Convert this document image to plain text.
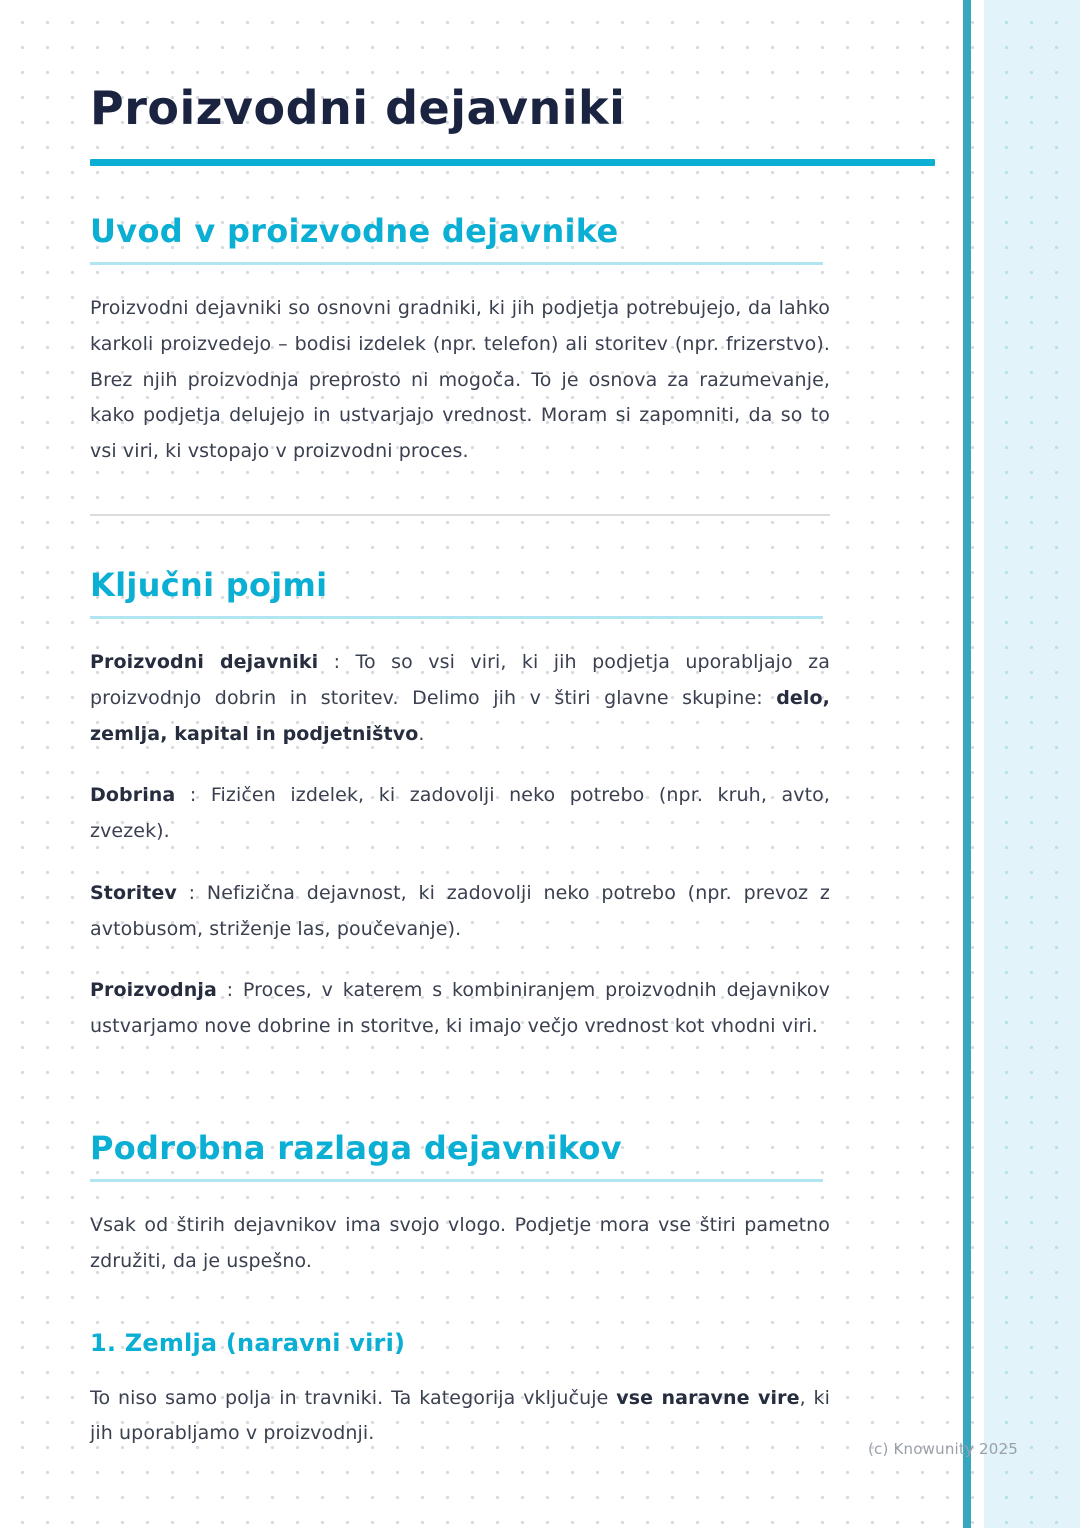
Proizvodni dejavniki
Uvod v proizvodne dejavnike

Proizvodni dejavniki so osnovni gradniki, ki jih podjetja potrebujejo, da lahko karkoli proizvedejo – bodisi izdelek (npr. telefon) ali storitev (npr. frizerstvo). Brez njih proizvodnja preprosto ni mogoča. To je osnova za razumevanje, kako podjetja delujejo in ustvarjajo vrednost. Moram si zapomniti, da so to vsi viri, ki vstopajo v proizvodni proces.

Ključni pojmi

Proizvodni dejavniki : To so vsi viri, ki jih podjetja uporabljajo za proizvodnjo dobrin in storitev. Delimo jih v štiri glavne skupine: delo, zemlja, kapital in podjetništvo.

Dobrina : Fizičen izdelek, ki zadovolji neko potrebo (npr. kruh, avto, zvezek).

Storitev : Nefizična dejavnost, ki zadovolji neko potrebo (npr. prevoz z avtobusom, striženje las, poučevanje).

Proizvodnja : Proces, v katerem s kombiniranjem proizvodnih dejavnikov ustvarjamo nove dobrine in storitve, ki imajo večjo vrednost kot vhodni viri.

Podrobna razlaga dejavnikov

Vsak od štirih dejavnikov ima svojo vlogo. Podjetje mora vse štiri pametno združiti, da je uspešno.

1. Zemlja (naravni viri)

To niso samo polja in travniki. Ta kategorija vključuje vse naravne vire, ki jih uporabljamo v proizvodnji.

(c) Knowunity 2025
